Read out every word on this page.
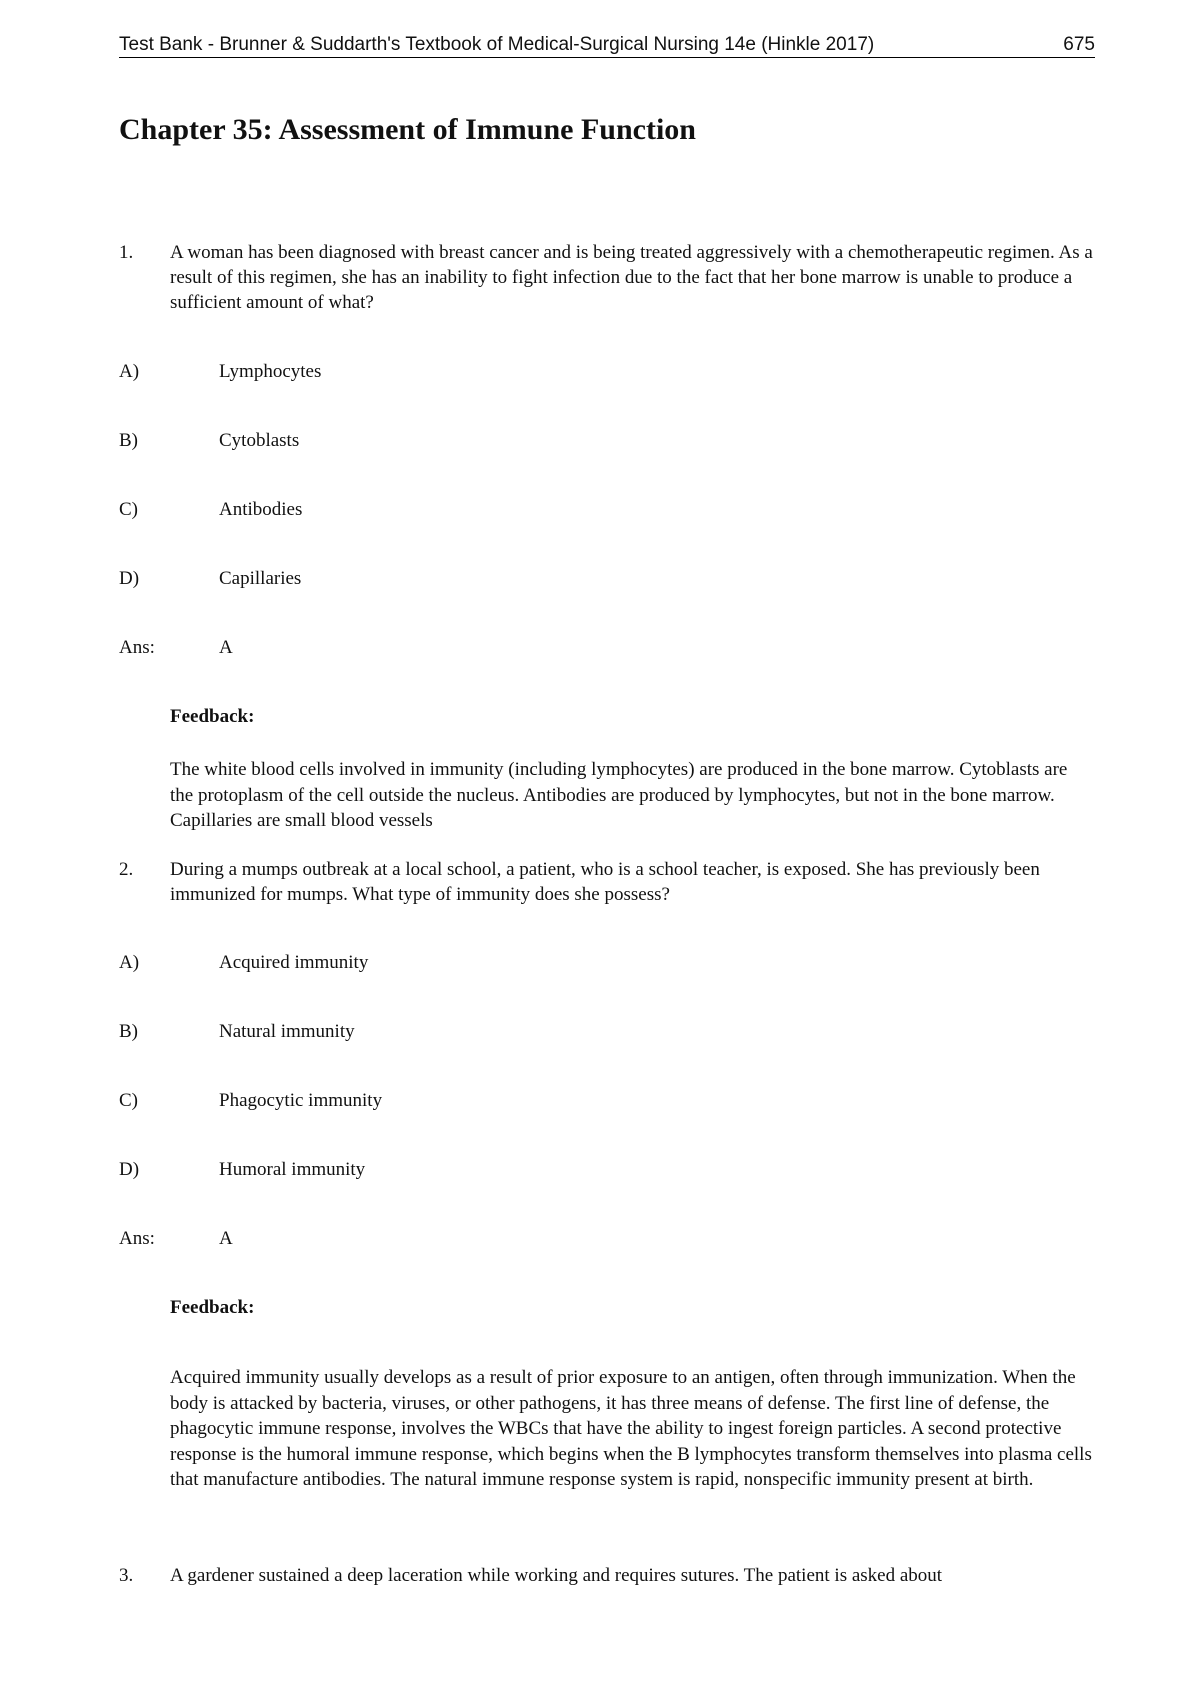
Test Bank - Brunner & Suddarth's Textbook of Medical-Surgical Nursing 14e (Hinkle 2017)	675
Chapter 35: Assessment of Immune Function
1. A woman has been diagnosed with breast cancer and is being treated aggressively with a chemotherapeutic regimen. As a result of this regimen, she has an inability to fight infection due to the fact that her bone marrow is unable to produce a sufficient amount of what?
A)	Lymphocytes
B)	Cytoblasts
C)	Antibodies
D)	Capillaries
Ans:	A
Feedback:
The white blood cells involved in immunity (including lymphocytes) are produced in the bone marrow. Cytoblasts are the protoplasm of the cell outside the nucleus. Antibodies are produced by lymphocytes, but not in the bone marrow. Capillaries are small blood vessels
2. During a mumps outbreak at a local school, a patient, who is a school teacher, is exposed. She has previously been immunized for mumps. What type of immunity does she possess?
A)	Acquired immunity
B)	Natural immunity
C)	Phagocytic immunity
D)	Humoral immunity
Ans:	A
Feedback:
Acquired immunity usually develops as a result of prior exposure to an antigen, often through immunization. When the body is attacked by bacteria, viruses, or other pathogens, it has three means of defense. The first line of defense, the phagocytic immune response, involves the WBCs that have the ability to ingest foreign particles. A second protective response is the humoral immune response, which begins when the B lymphocytes transform themselves into plasma cells that manufacture antibodies. The natural immune response system is rapid, nonspecific immunity present at birth.
3. A gardener sustained a deep laceration while working and requires sutures. The patient is asked about
